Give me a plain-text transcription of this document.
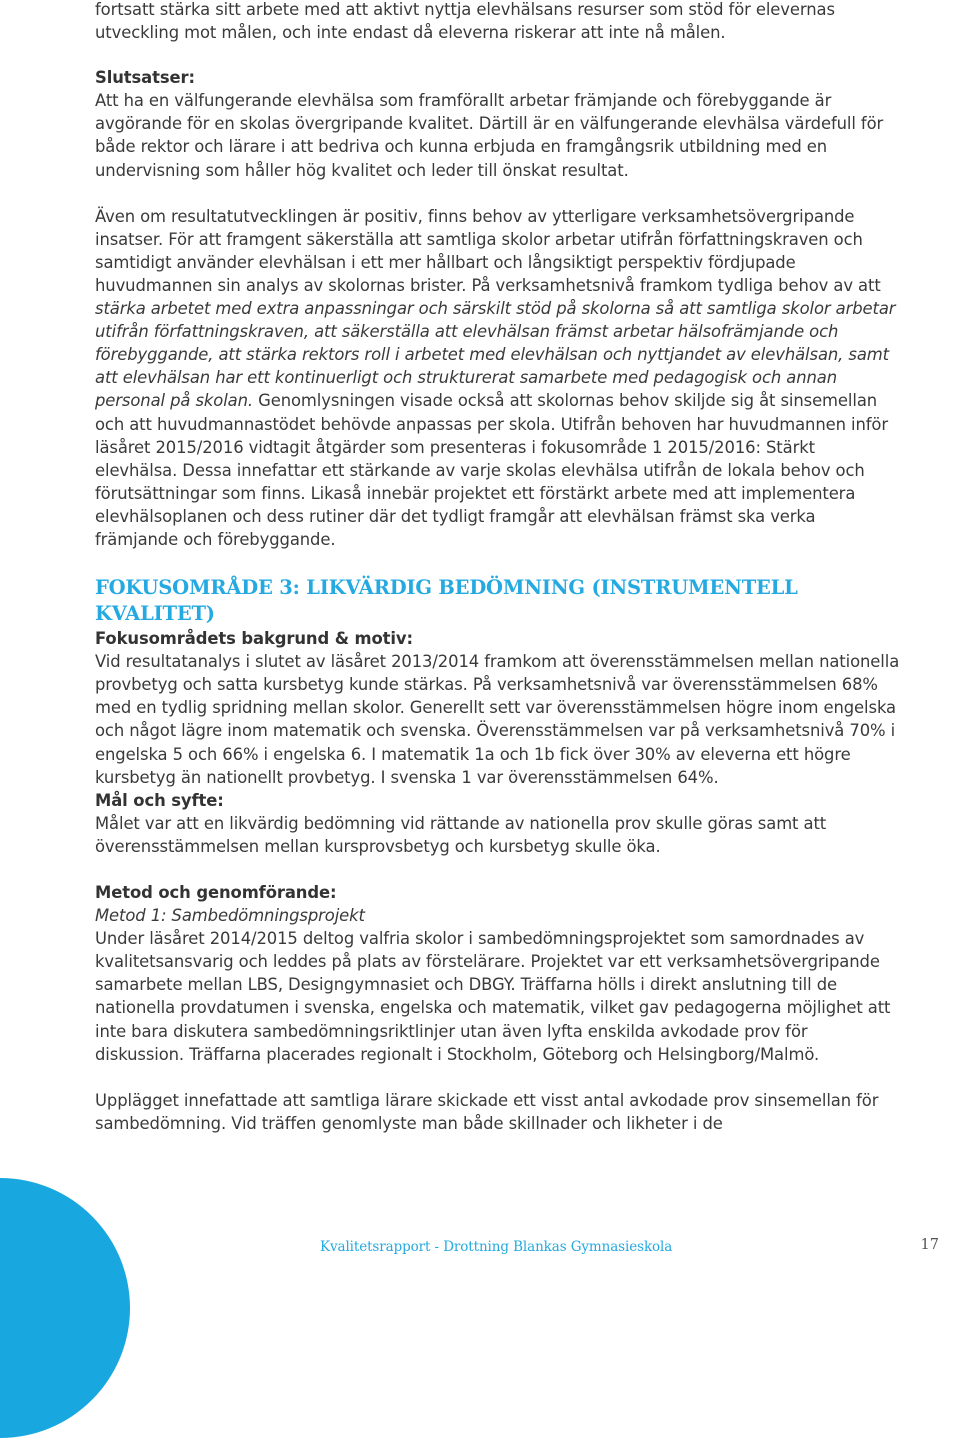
fortsatt stärka sitt arbete med att aktivt nyttja elevhälsans resurser som stöd för elevernas utveckling mot målen, och inte endast då eleverna riskerar att inte nå målen.

Slutsatser:

Att ha en välfungerande elevhälsa som framförallt arbetar främjande och förebyggande är avgörande för en skolas övergripande kvalitet. Därtill är en välfungerande elevhälsa värdefull för både rektor och lärare i att bedriva och kunna erbjuda en framgångsrik utbildning med en undervisning som håller hög kvalitet och leder till önskat resultat.

Även om resultatutvecklingen är positiv, finns behov av ytterligare verksamhetsövergripande insatser. För att framgent säkerställa att samtliga skolor arbetar utifrån författningskraven och samtidigt använder elevhälsan i ett mer hållbart och långsiktigt perspektiv fördjupade huvudmannen sin analys av skolornas brister. På verksamhetsnivå framkom tydliga behov av att stärka arbetet med extra anpassningar och särskilt stöd på skolorna så att samtliga skolor arbetar utifrån författningskraven, att säkerställa att elevhälsan främst arbetar hälsofrämjande och förebyggande, att stärka rektors roll i arbetet med elevhälsan och nyttjandet av elevhälsan, samt att elevhälsan har ett kontinuerligt och strukturerat samarbete med pedagogisk och annan personal på skolan. Genomlysningen visade också att skolornas behov skiljde sig åt sinsemellan och att huvudmannastödet behövde anpassas per skola. Utifrån behoven har huvudmannen inför läsåret 2015/2016 vidtagit åtgärder som presenteras i fokusområde 1 2015/2016: Stärkt elevhälsa. Dessa innefattar ett stärkande av varje skolas elevhälsa utifrån de lokala behov och förutsättningar som finns. Likaså innebär projektet ett förstärkt arbete med att implementera elevhälsoplanen och dess rutiner där det tydligt framgår att elevhälsan främst ska verka främjande och förebyggande.

FOKUSOMRÅDE 3: LIKVÄRDIG BEDÖMNING (INSTRUMENTELL KVALITET)

Fokusområdets bakgrund & motiv:

Vid resultatanalys i slutet av läsåret 2013/2014 framkom att överensstämmelsen mellan nationella provbetyg och satta kursbetyg kunde stärkas. På verksamhetsnivå var överensstämmelsen 68% med en tydlig spridning mellan skolor. Generellt sett var överensstämmelsen högre inom engelska och något lägre inom matematik och svenska. Överensstämmelsen var på verksamhetsnivå 70% i engelska 5 och 66% i engelska 6. I matematik 1a och 1b fick över 30% av eleverna ett högre kursbetyg än nationellt provbetyg. I svenska 1 var överensstämmelsen 64%.

Mål och syfte:

Målet var att en likvärdig bedömning vid rättande av nationella prov skulle göras samt att överensstämmelsen mellan kursprovsbetyg och kursbetyg skulle öka.

Metod och genomförande:

Metod 1: Sambedömningsprojekt

Under läsåret 2014/2015 deltog valfria skolor i sambedömningsprojektet som samordnades av kvalitetsansvarig och leddes på plats av förstelärare. Projektet var ett verksamhetsövergripande samarbete mellan LBS, Designgymnasiet och DBGY. Träffarna hölls i direkt anslutning till de nationella provdatumen i svenska, engelska och matematik, vilket gav pedagogerna möjlighet att inte bara diskutera sambedömningsriktlinjer utan även lyfta enskilda avkodade prov för diskussion. Träffarna placerades regionalt i Stockholm, Göteborg och Helsingborg/Malmö.

Upplägget innefattade att samtliga lärare skickade ett visst antal avkodade prov sinsemellan för sambedömning. Vid träffen genomlyste man både skillnader och likheter i de

Kvalitetsrapport - Drottning Blankas Gymnasieskola	17
